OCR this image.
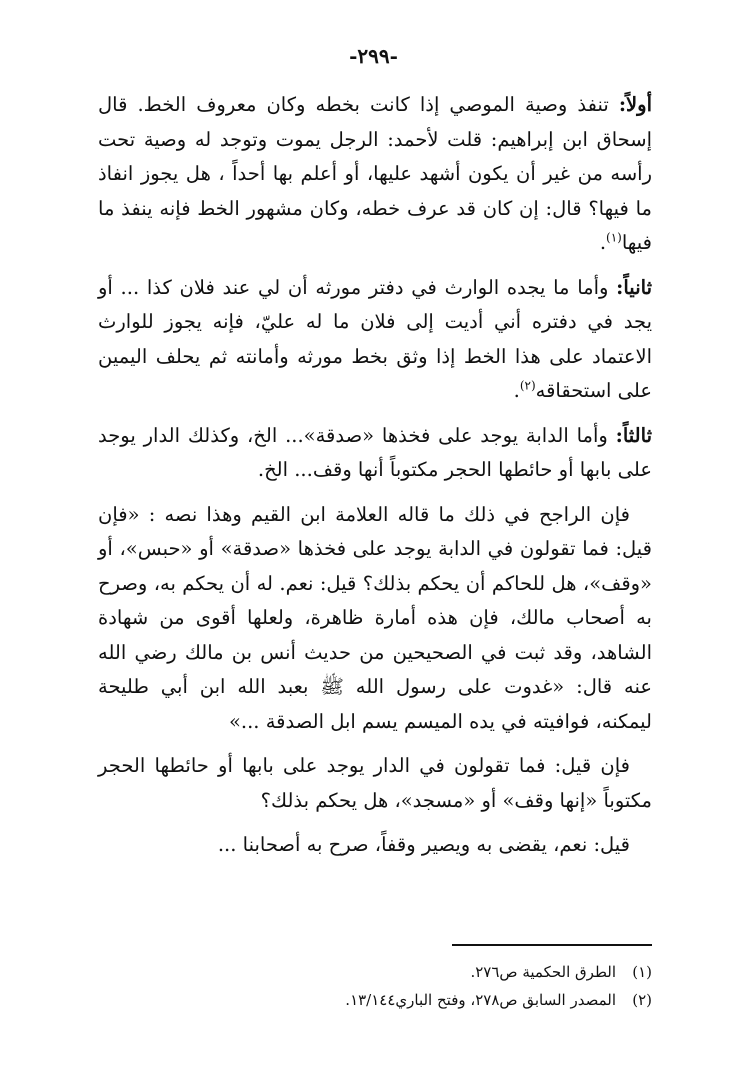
-٢٩٩-

أولاً: تنفذ وصية الموصي إذا كانت بخطه وكان معروف الخط. قال إسحاق ابن إبراهيم: قلت لأحمد: الرجل يموت وتوجد له وصية تحت رأسه من غير أن يكون أشهد عليها، أو أعلم بها أحداً ، هل يجوز انفاذ ما فيها؟ قال: إن كان قد عرف خطه، وكان مشهور الخط فإنه ينفذ ما فيها$^{(١)}$.

ثانياً: وأما ما يجده الوارث في دفتر مورثه أن لي عند فلان كذا ... أو يجد في دفتره أني أديت إلى فلان ما له عليّ، فإنه يجوز للوارث الاعتماد على هذا الخط إذا وثق بخط مورثه وأمانته ثم يحلف اليمين على استحقاقه$^{(٢)}$.

ثالثاً: وأما الدابة يوجد على فخذها «صدقة»... الخ، وكذلك الدار يوجد على بابها أو حائطها الحجر مكتوباً أنها وقف... الخ.

فإن الراجح في ذلك ما قاله العلامة ابن القيم وهذا نصه : «فإن قيل: فما تقولون في الدابة يوجد على فخذها «صدقة» أو «حبس»، أو «وقف»، هل للحاكم أن يحكم بذلك؟ قيل: نعم. له أن يحكم به، وصرح به أصحاب مالك، فإن هذه أمارة ظاهرة، ولعلها أقوى من شهادة الشاهد، وقد ثبت في الصحيحين من حديث أنس بن مالك رضي الله عنه قال: «غدوت على رسول الله ﷺ بعبد الله ابن أبي طليحة ليمكنه، فوافيته في يده الميسم يسم ابل الصدقة ...»

فإن قيل: فما تقولون في الدار يوجد على بابها أو حائطها الحجر مكتوباً «إنها وقف» أو «مسجد»، هل يحكم بذلك؟

قيل: نعم، يقضى به ويصير وقفاً، صرح به أصحابنا ...

(١)الطرق الحكمية ص٢٧٦.
(٢)المصدر السابق ص٢٧٨، وفتح الباري١٣/١٤٤.
